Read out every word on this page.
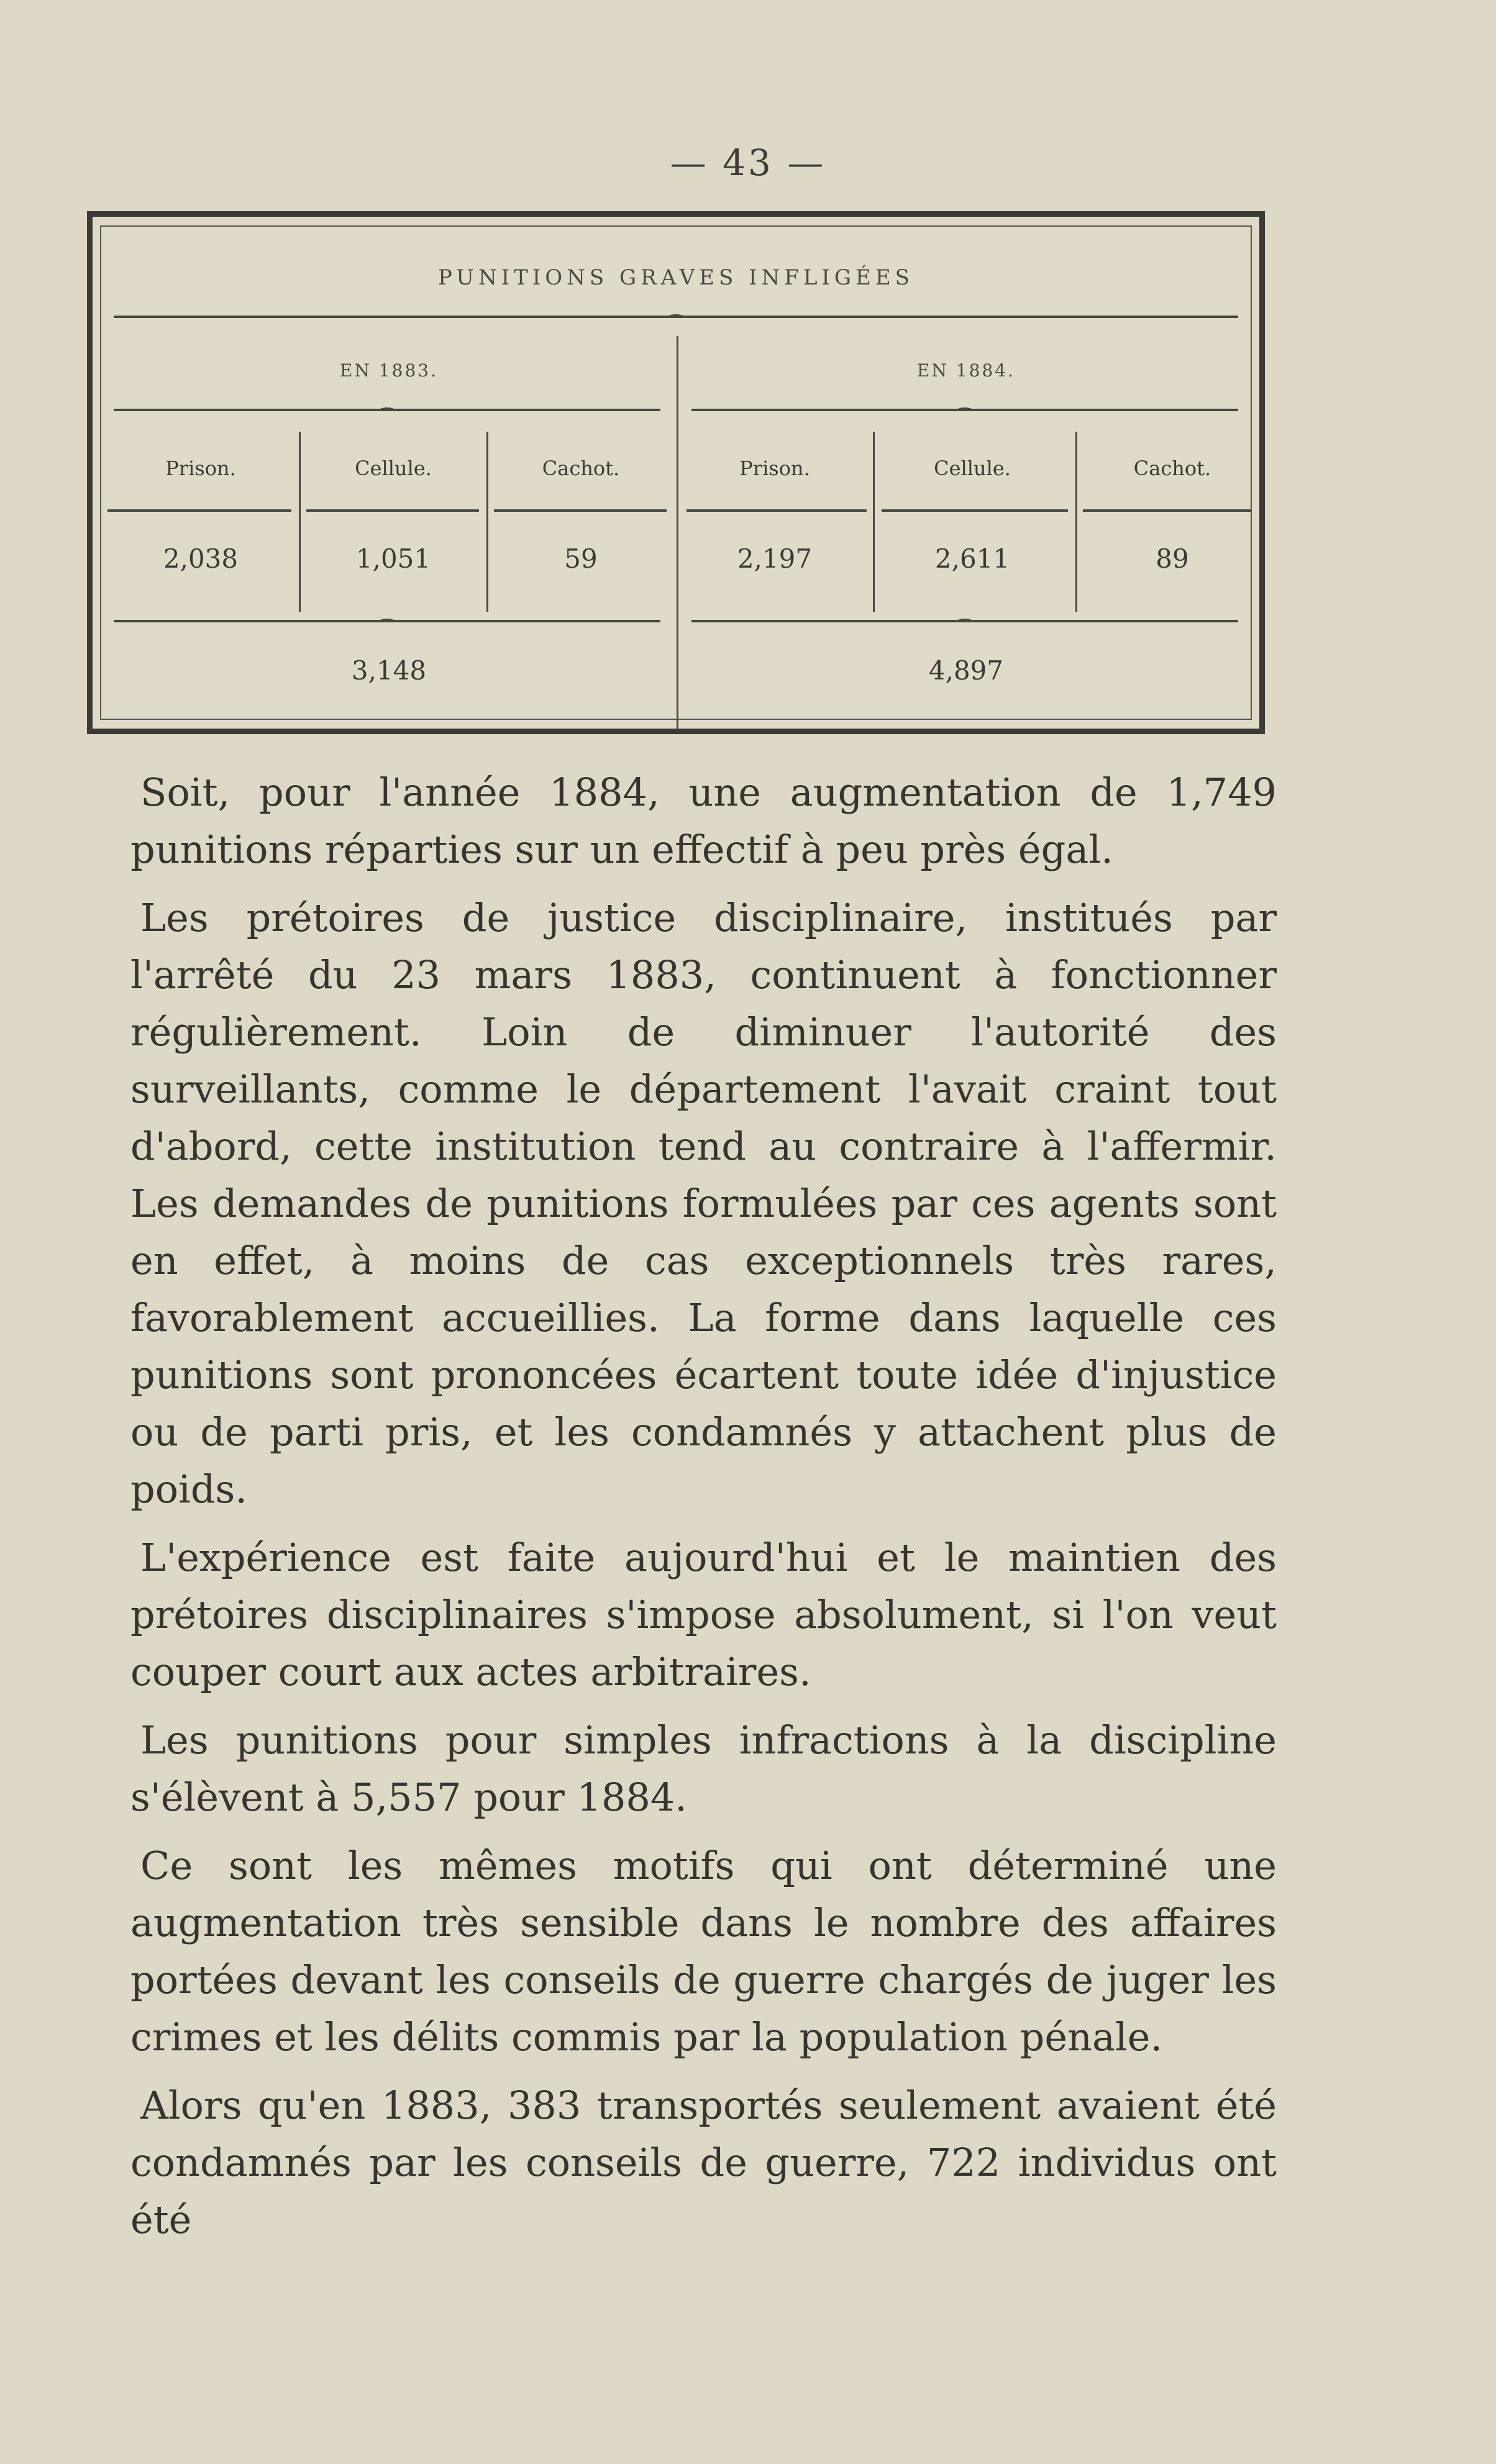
— 43 —
PUNITIONS GRAVES INFLIGÉES
EN 1883.	EN 1884.
Prison.	Cellule.	Cachot.	Prison.	Cellule.	Cachot.
2,038	1,051	59	2,197	2,611	89
3,148	4,897

Soit, pour l'année 1884, une augmentation de 1,749 punitions réparties sur un effectif à peu près égal.

Les prétoires de justice disciplinaire, institués par l'arrêté du 23 mars 1883, continuent à fonctionner régulièrement. Loin de diminuer l'autorité des surveillants, comme le département l'avait craint tout d'abord, cette institution tend au contraire à l'affermir. Les demandes de punitions formulées par ces agents sont en effet, à moins de cas exceptionnels très rares, favorablement accueillies. La forme dans laquelle ces punitions sont prononcées écartent toute idée d'injustice ou de parti pris, et les condamnés y attachent plus de poids.

L'expérience est faite aujourd'hui et le maintien des prétoires disciplinaires s'impose absolument, si l'on veut couper court aux actes arbitraires.

Les punitions pour simples infractions à la discipline s'élèvent à 5,557 pour 1884.

Ce sont les mêmes motifs qui ont déterminé une augmentation très sensible dans le nombre des affaires portées devant les conseils de guerre chargés de juger les crimes et les délits commis par la population pénale.

Alors qu'en 1883, 383 transportés seulement avaient été condamnés par les conseils de guerre, 722 individus ont été
